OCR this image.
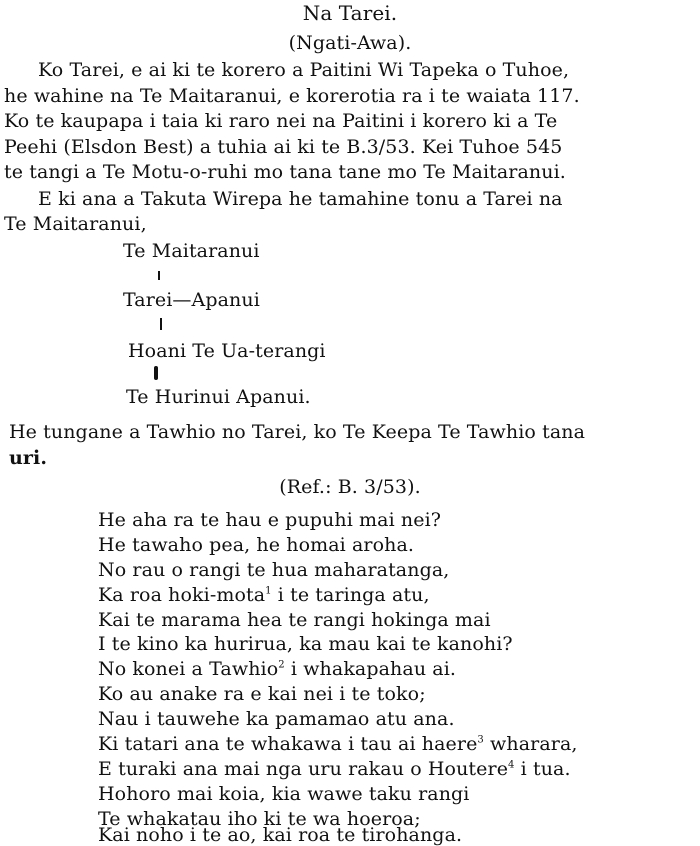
Na Tarei.
(Ngati-Awa).
Ko Tarei, e ai ki te korero a Paitini Wi Tapeka o Tuhoe,
he wahine na Te Maitaranui, e korerotia ra i te waiata 117.
Ko te kaupapa i taia ki raro nei na Paitini i korero ki a Te
Peehi (Elsdon Best) a tuhia ai ki te B.3/53. Kei Tuhoe 545
te tangi a Te Motu-o-ruhi mo tana tane mo Te Maitaranui.
E ki ana a Takuta Wirepa he tamahine tonu a Tarei na
Te Maitaranui,
Te Maitaranui
Tarei—Apanui
Hoani Te Ua-terangi
Te Hurinui Apanui.
He tungane a Tawhio no Tarei, ko Te Keepa Te Tawhio tana
uri.
(Ref.: B. 3/53).
He aha ra te hau e pupuhi mai nei?
He tawaho pea, he homai aroha.
No rau o rangi te hua maharatanga,
Ka roa hoki-mota$^1$ i te taringa atu,
Kai te marama hea te rangi hokinga mai
I te kino ka hurirua, ka mau kai te kanohi?
No konei a Tawhio$^2$ i whakapahau ai.
Ko au anake ra e kai nei i te toko;
Nau i tauwehe ka pamamao atu ana.
Ki tatari ana te whakawa i tau ai haere$^3$ wharara,
E turaki ana mai nga uru rakau o Houtere$^4$ i tua.
Hohoro mai koia, kia wawe taku rangi
Te whakatau iho ki te wa hoeroa;
Kai noho i te ao, kai roa te tirohanga.
